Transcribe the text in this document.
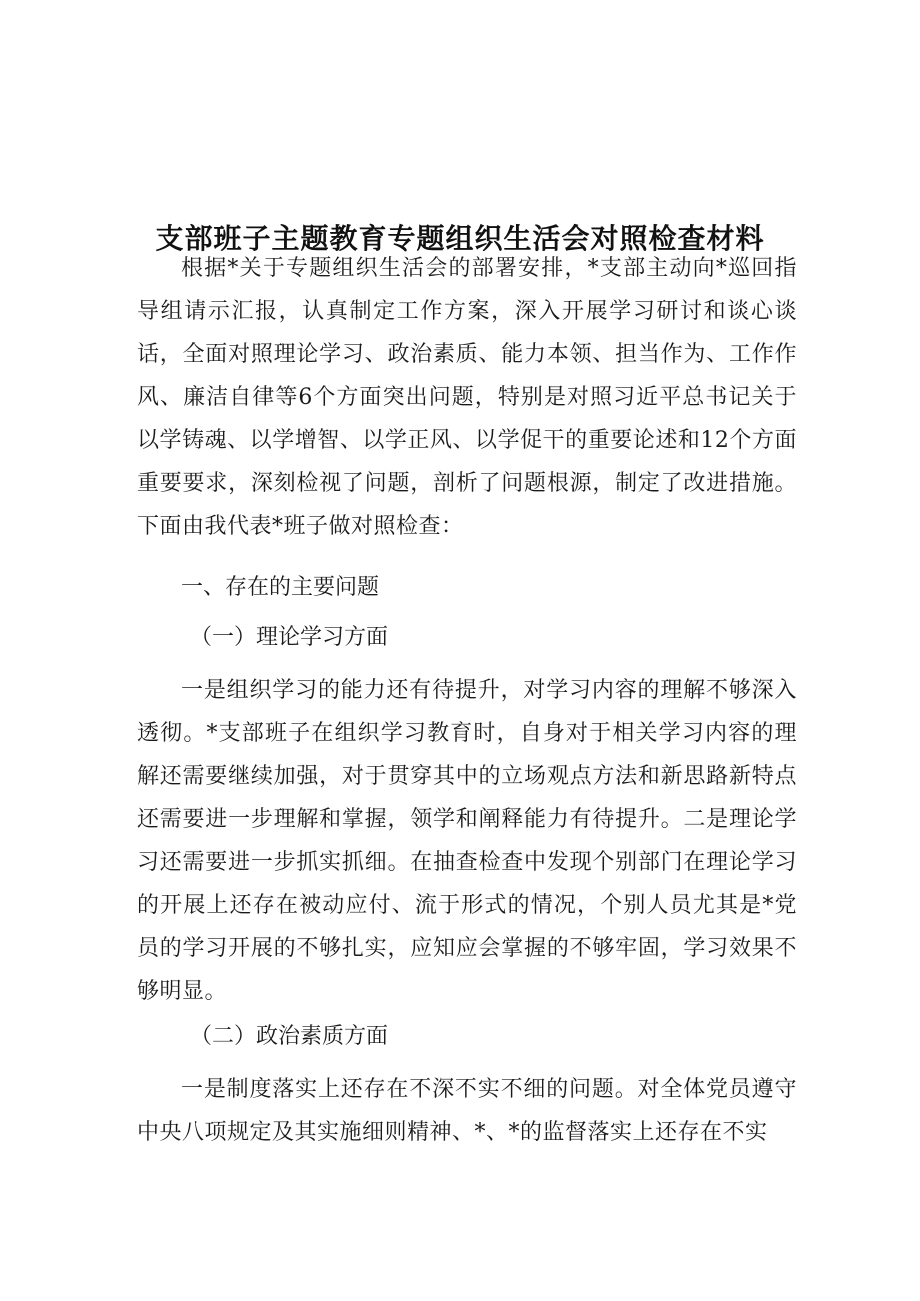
支部班子主题教育专题组织生活会对照检查材料

根据*关于专题组织生活会的部署安排，*支部主动向*巡回指导组请示汇报，认真制定工作方案，深入开展学习研讨和谈心谈话，全面对照理论学习、政治素质、能力本领、担当作为、工作作风、廉洁自律等6个方面突出问题，特别是对照习近平总书记关于以学铸魂、以学增智、以学正风、以学促干的重要论述和12个方面重要要求，深刻检视了问题，剖析了问题根源，制定了改进措施。下面由我代表*班子做对照检查：

一、存在的主要问题

（一）理论学习方面

一是组织学习的能力还有待提升，对学习内容的理解不够深入透彻。*支部班子在组织学习教育时，自身对于相关学习内容的理解还需要继续加强，对于贯穿其中的立场观点方法和新思路新特点还需要进一步理解和掌握，领学和阐释能力有待提升。二是理论学习还需要进一步抓实抓细。在抽查检查中发现个别部门在理论学习的开展上还存在被动应付、流于形式的情况，个别人员尤其是*党员的学习开展的不够扎实，应知应会掌握的不够牢固，学习效果不够明显。

（二）政治素质方面

一是制度落实上还存在不深不实不细的问题。对全体党员遵守中央八项规定及其实施细则精神、*、*的监督落实上还存在不实
